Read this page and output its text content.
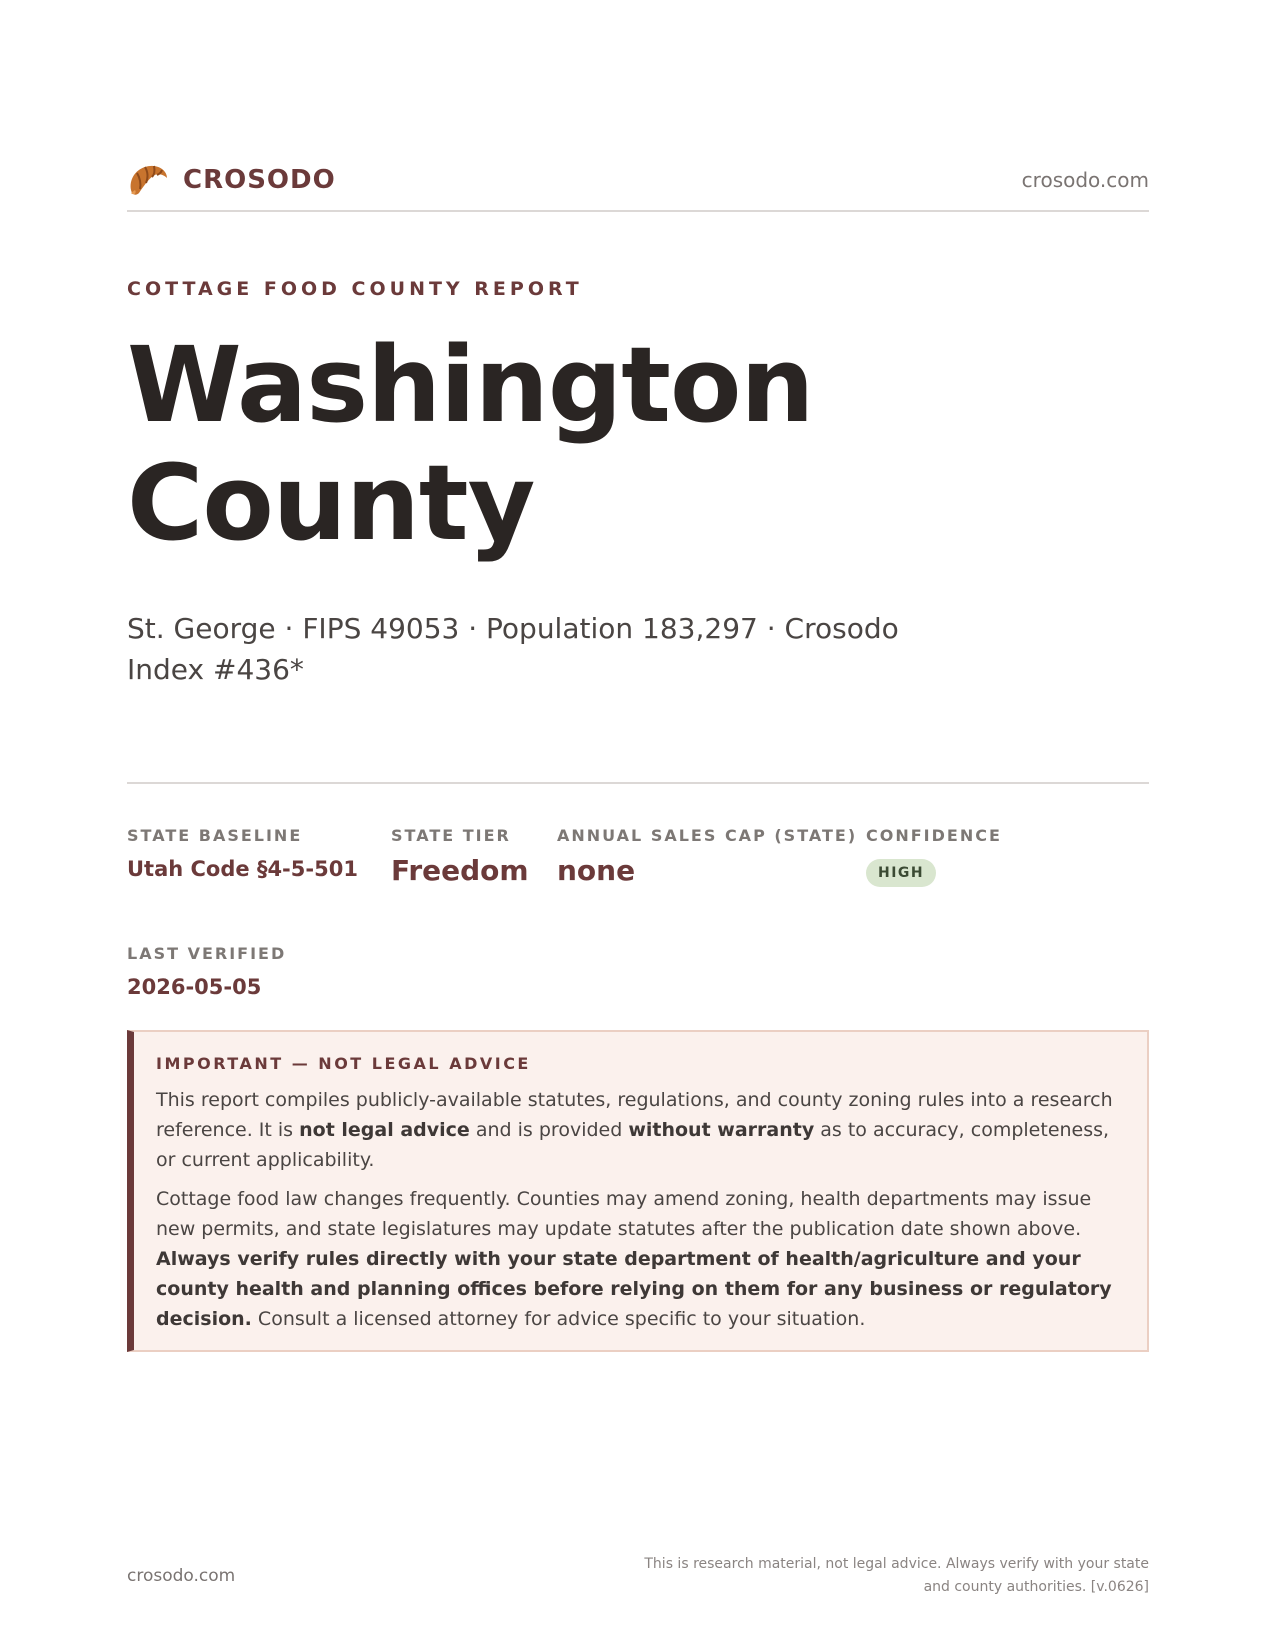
CROSODO	crosodo.com
COTTAGE FOOD COUNTY REPORT
Washington
County
St. George · FIPS 49053 · Population 183,297 · Crosodo Index #436*
STATE BASELINE
Utah Code §4-5-501
STATE TIER
Freedom
ANNUAL SALES CAP (STATE)
none
CONFIDENCE
HIGH
LAST VERIFIED
2026-05-05
IMPORTANT — NOT LEGAL ADVICE

This report compiles publicly-available statutes, regulations, and county zoning rules into a research reference. It is not legal advice and is provided without warranty as to accuracy, completeness, or current applicability.

Cottage food law changes frequently. Counties may amend zoning, health departments may issue new permits, and state legislatures may update statutes after the publication date shown above. Always verify rules directly with your state department of health/agriculture and your county health and planning offices before relying on them for any business or regulatory decision. Consult a licensed attorney for advice specific to your situation.

crosodo.com
This is research material, not legal advice. Always verify with your state
and county authorities. [v.0626]
